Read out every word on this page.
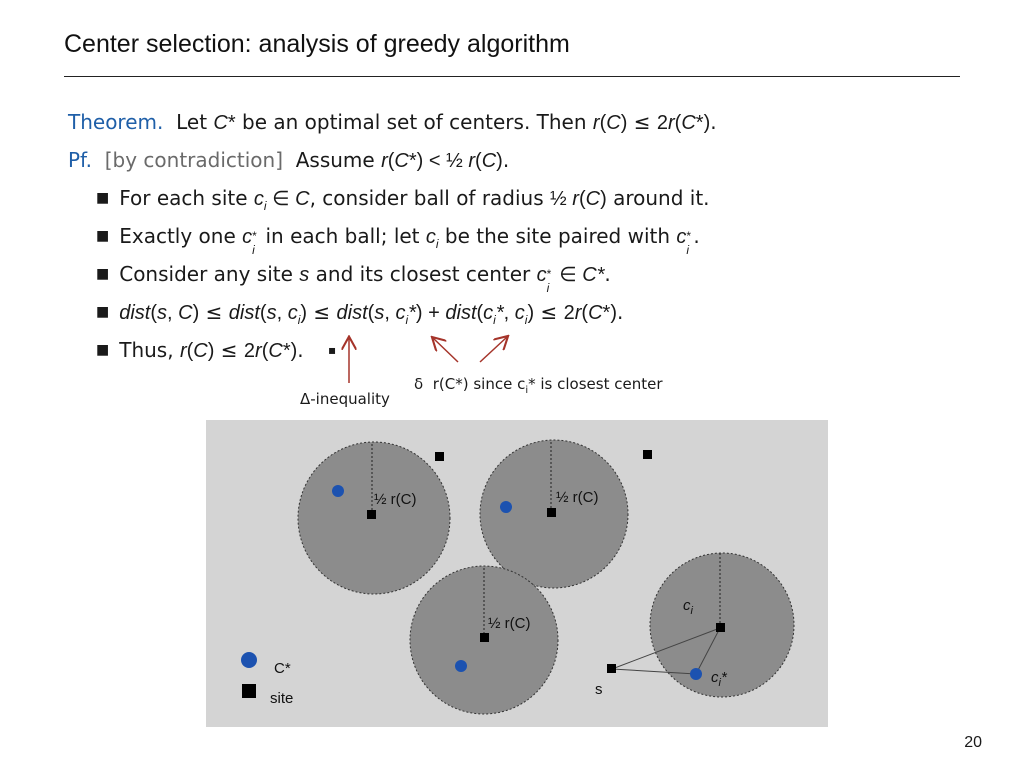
Center selection: analysis of greedy algorithm
Theorem. Let C* be an optimal set of centers. Then r(C) ≤ 2r(C*).
Pf. [by contradiction] Assume r(C*) < ½ r(C).
■ For each site $c_i$ ∈ C, consider ball of radius ½ r(C) around it.
■ Exactly one c *
i
in each ball; let $c_i$ be the site paired with c *
i
.
■ Consider any site s and its closest center c *
i
∈ C*.
■ dist(s, C) ≤ dist(s, $c_i$) ≤ dist(s, $c_i*$) + $dist(c_i*$, $c_i) \le 2r(C*)$.
■ Thus, r(C) ≤ 2r(C*). ▪
Δ-inequality
δ r(C*) since $c_i*$ is closest center
½ r(C)	½ r(C)
½ r(C)
$c_i$
$c_i*$
s
C*
site
20
